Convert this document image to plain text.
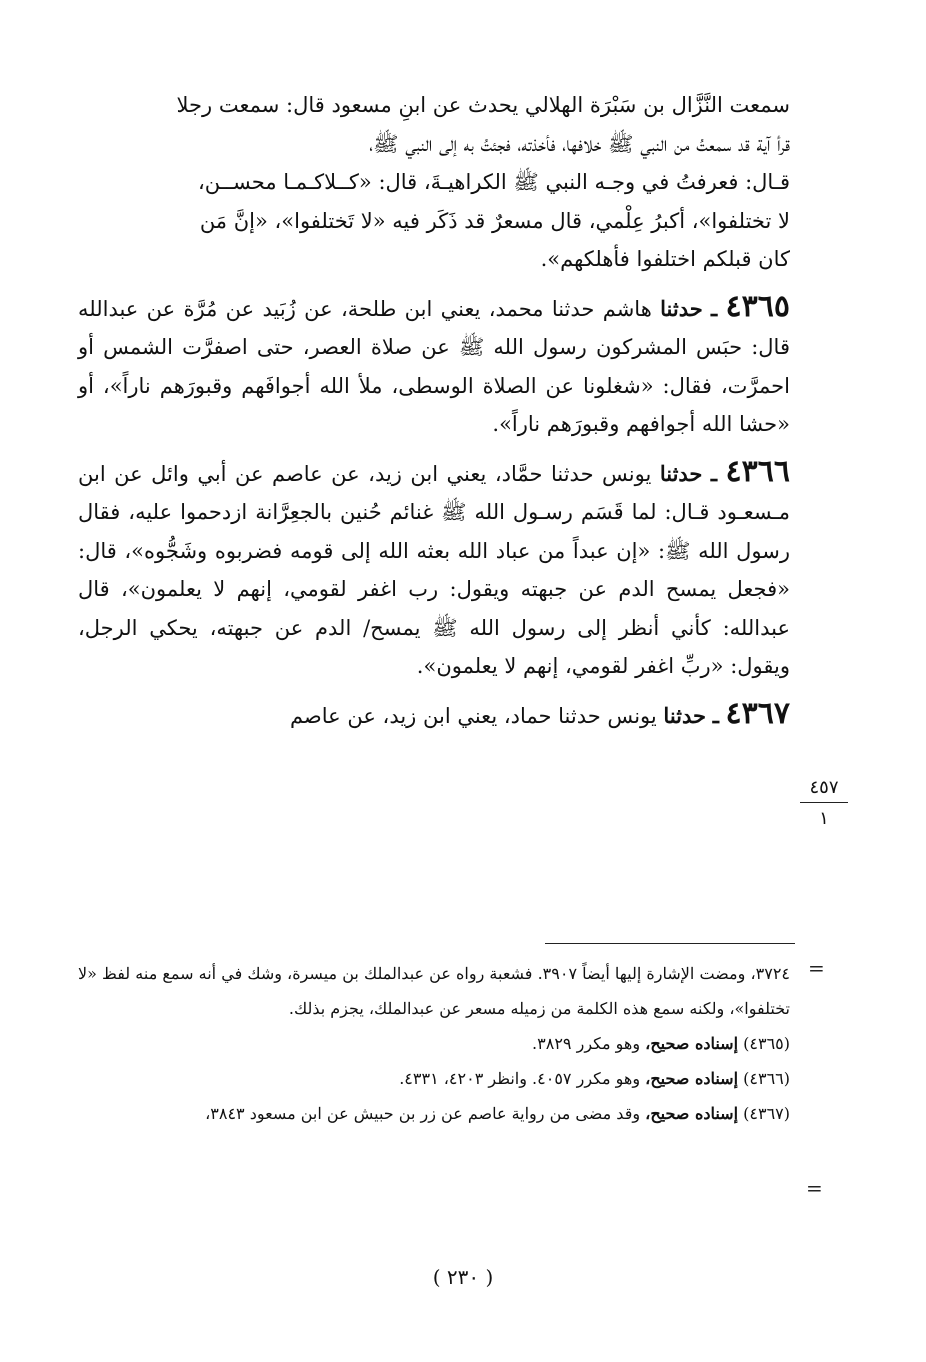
سمعت النَّزَّال بن سَبْرَة الهلالي يحدث عن ابنِ مسعود قال: سمعت رجلا

قرأ آية قد سمعتُ من النبي ﷺ خلافها، فأخذته، فجئتُ به إلى النبي ﷺ،

قـال: فعرفتُ في وجـه النبي ﷺ الكراهيـةَ، قال: «كــلاكـمـا محســن،

لا تختلفوا»، أكبرُ عِلْمي، قال مسعرٌ قد ذَكَر فيه «لا تَختلفوا»، «إنَّ مَن

كان قبلكم اختلفوا فأهلكهم».

٤٣٦٥ ـ حدثنا هاشم حدثنا محمد، يعني ابن طلحة، عن زُبَيد عن مُرَّة عن عبدالله قال: حبَس المشركون رسول الله ﷺ عن صلاة العصر، حتى اصفرَّت الشمس أو احمرَّت، فقال: «شغلونا عن الصلاة الوسطى، ملأ الله أجوافَهم وقبورَهم ناراً»، أو «حشا الله أجوافهم وقبورَهم ناراً».

٤٣٦٦ ـ حدثنا يونس حدثنا حمَّاد، يعني ابن زيد، عن عاصم عن أبي وائل عن ابن مـسعـود قـال: لما قَسَم رسـول الله ﷺ غنائم حُنين بالجعِرَّانة ازدحموا عليه، فقال رسول الله ﷺ: «إن عبداً من عباد الله بعثه الله إلى قومه فضربوه وشَجُّوه»، قال: «فجعل يمسح الدم عن جبهته ويقول: رب اغفر لقومي، إنهم لا يعلمون»، قال عبدالله: كأني أنظر إلى رسول الله ﷺ يمسح/ الدم عن جبهته، يحكي الرجل، ويقول: «ربِّ اغفر لقومي، إنهم لا يعلمون».

٤٣٦٧ ـ حدثنا يونس حدثنا حماد، يعني ابن زيد، عن عاصم

٤٥٧
١
=

٣٧٢٤، ومضت الإشارة إليها أيضاً ٣٩٠٧. فشعبة رواه عن عبدالملك بن ميسرة، وشك في أنه سمع منه لفظ «لا تختلفوا»، ولكنه سمع هذه الكلمة من زميله مسعر عن عبدالملك، يجزم بذلك.

(٤٣٦٥) إسناده صحيح، وهو مكرر ٣٨٢٩.

(٤٣٦٦) إسناده صحيح، وهو مكرر ٤٠٥٧. وانظر ٤٢٠٣، ٤٣٣١.

(٤٣٦٧) إسناده صحيح، وقد مضى من رواية عاصم عن زر بن حبيش عن ابن مسعود ٣٨٤٣،

=
( ٢٣٠ )
